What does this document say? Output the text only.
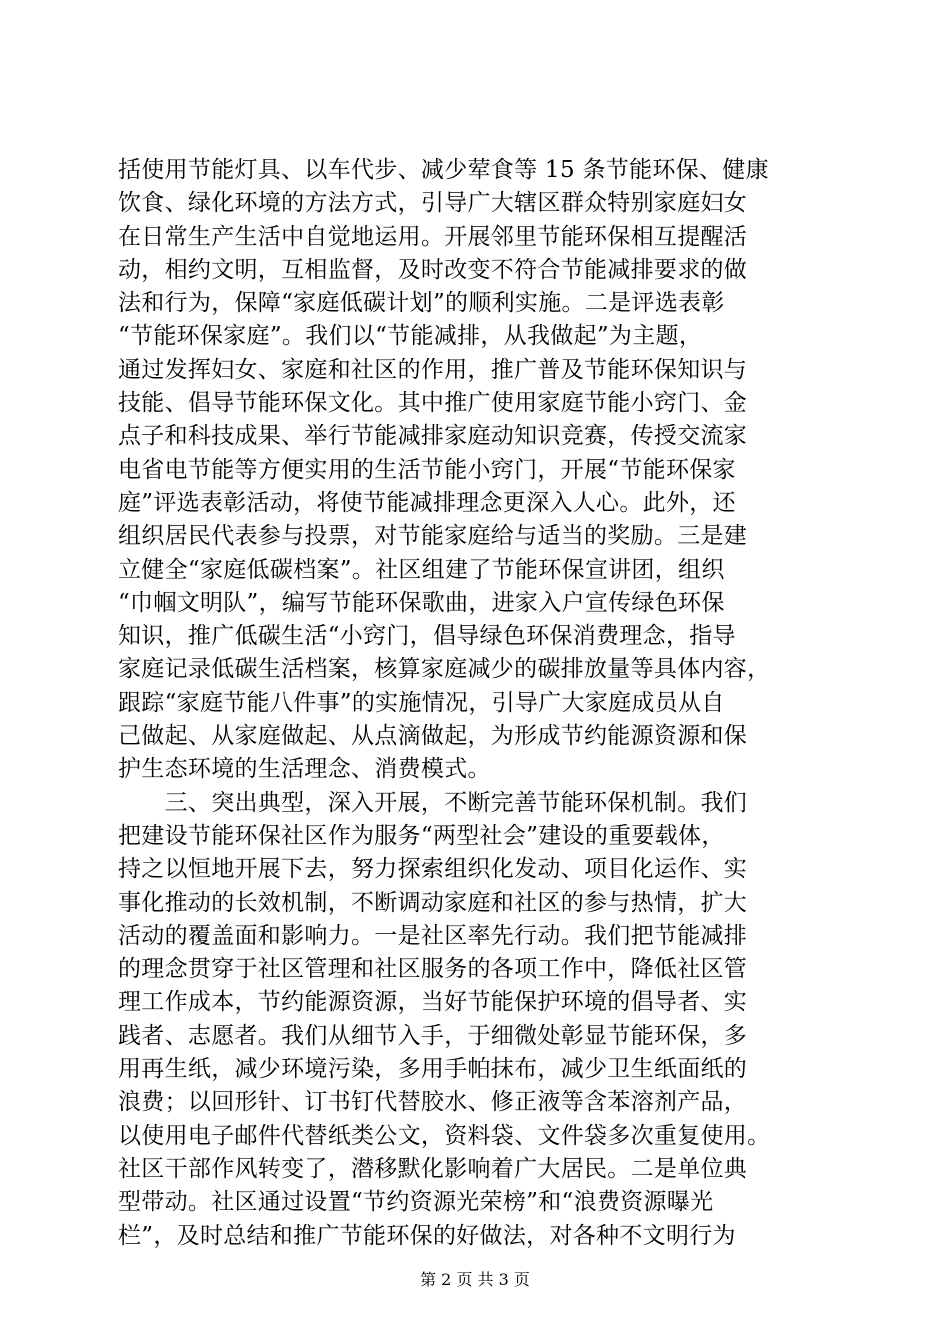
括使用节能灯具、以车代步、减少荤食等 15 条节能环保、健康
饮食、绿化环境的方法方式，引导广大辖区群众特别家庭妇女
在日常生产生活中自觉地运用。开展邻里节能环保相互提醒活
动，相约文明，互相监督，及时改变不符合节能减排要求的做
法和行为，保障“家庭低碳计划”的顺利实施。二是评选表彰
“节能环保家庭”。我们以“节能减排，从我做起”为主题，
通过发挥妇女、家庭和社区的作用，推广普及节能环保知识与
技能、倡导节能环保文化。其中推广使用家庭节能小窍门、金
点子和科技成果、举行节能减排家庭动知识竞赛，传授交流家
电省电节能等方便实用的生活节能小窍门，开展“节能环保家
庭”评选表彰活动，将使节能减排理念更深入人心。此外，还
组织居民代表参与投票，对节能家庭给与适当的奖励。三是建
立健全“家庭低碳档案”。社区组建了节能环保宣讲团，组织
“巾帼文明队”，编写节能环保歌曲，进家入户宣传绿色环保
知识，推广低碳生活“小窍门，倡导绿色环保消费理念，指导
家庭记录低碳生活档案，核算家庭减少的碳排放量等具体内容，
跟踪“家庭节能八件事”的实施情况，引导广大家庭成员从自
己做起、从家庭做起、从点滴做起，为形成节约能源资源和保
护生态环境的生活理念、消费模式。
　　三、突出典型，深入开展，不断完善节能环保机制。我们
把建设节能环保社区作为服务“两型社会”建设的重要载体，
持之以恒地开展下去，努力探索组织化发动、项目化运作、实
事化推动的长效机制，不断调动家庭和社区的参与热情，扩大
活动的覆盖面和影响力。一是社区率先行动。我们把节能减排
的理念贯穿于社区管理和社区服务的各项工作中，降低社区管
理工作成本，节约能源资源，当好节能保护环境的倡导者、实
践者、志愿者。我们从细节入手，于细微处彰显节能环保，多
用再生纸，减少环境污染，多用手帕抹布，减少卫生纸面纸的
浪费；以回形针、订书钉代替胶水、修正液等含苯溶剂产品，
以使用电子邮件代替纸类公文，资料袋、文件袋多次重复使用。
社区干部作风转变了，潜移默化影响着广大居民。二是单位典
型带动。社区通过设置“节约资源光荣榜”和“浪费资源曝光
栏”，及时总结和推广节能环保的好做法，对各种不文明行为
第 2 页 共 3 页
